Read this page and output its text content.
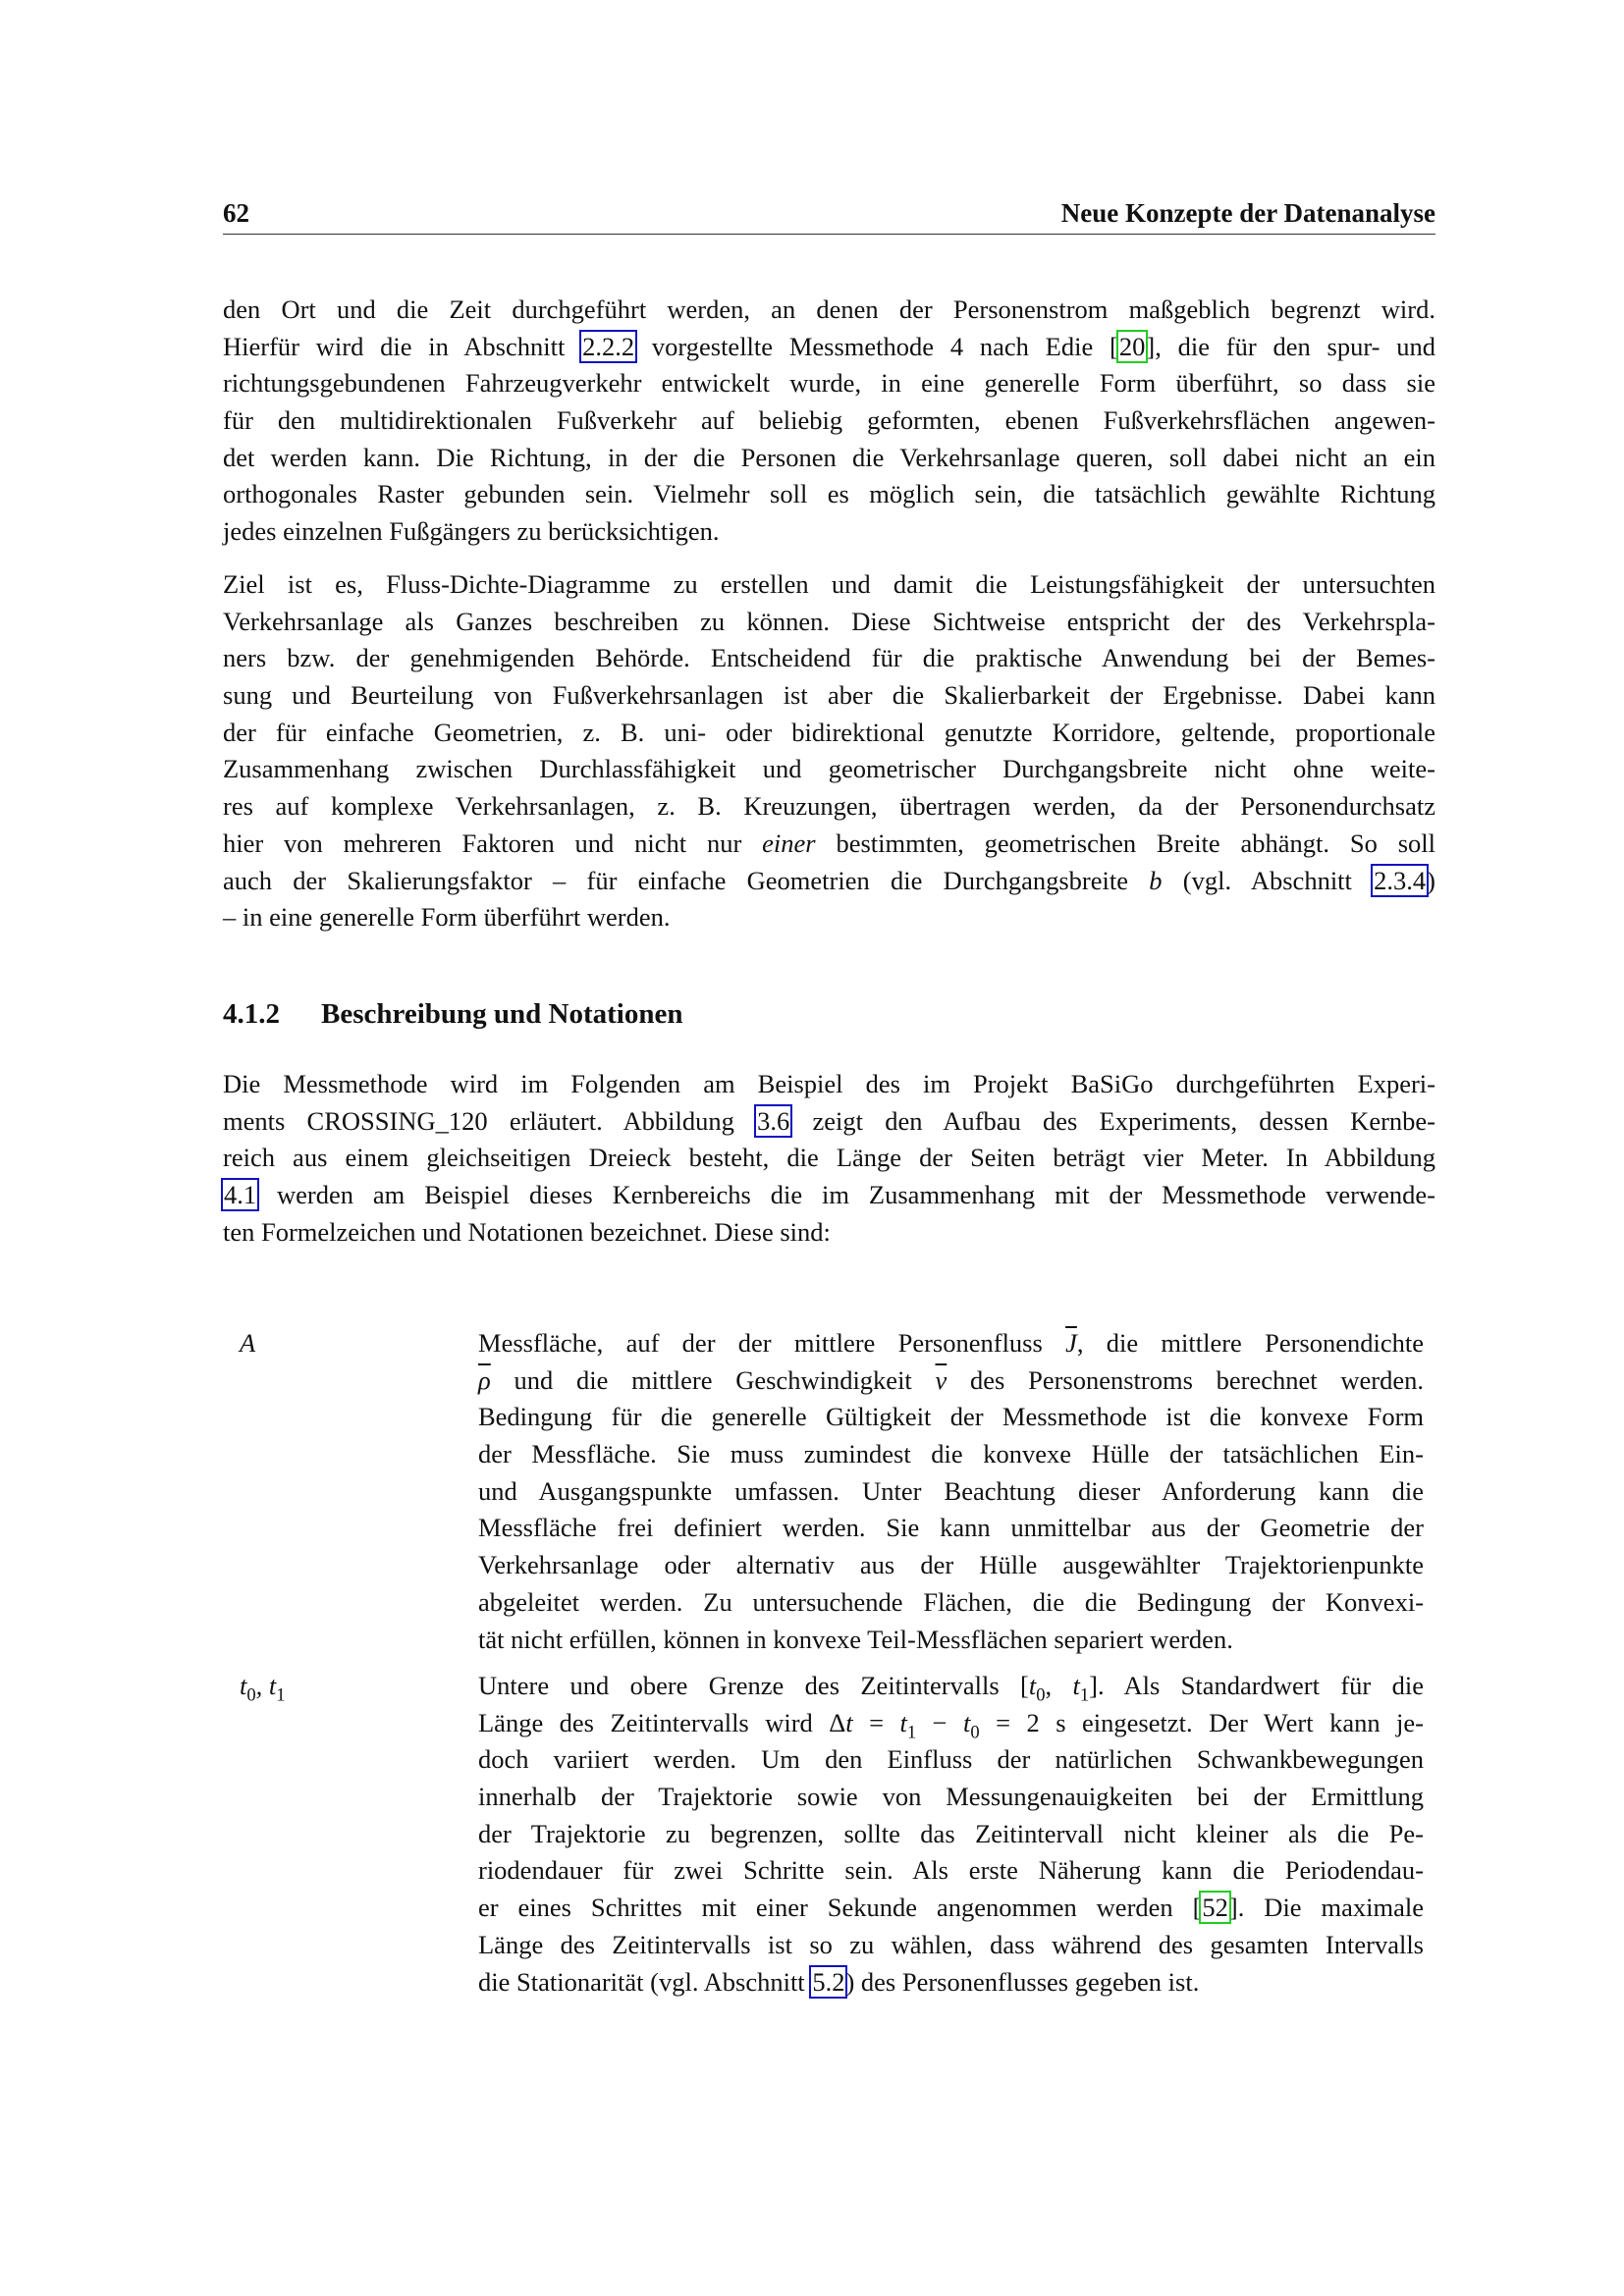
62	Neue Konzepte der Datenanalyse
den Ort und die Zeit durchgeführt werden, an denen der Personenstrom maßgeblich begrenzt wird.
Hierfür wird die in Abschnitt 2.2.2 vorgestellte Messmethode 4 nach Edie [20], die für den spur- und
richtungsgebundenen Fahrzeugverkehr entwickelt wurde, in eine generelle Form überführt, so dass sie
für den multidirektionalen Fußverkehr auf beliebig geformten, ebenen Fußverkehrsflächen angewen-
det werden kann. Die Richtung, in der die Personen die Verkehrsanlage queren, soll dabei nicht an ein
orthogonales Raster gebunden sein. Vielmehr soll es möglich sein, die tatsächlich gewählte Richtung
jedes einzelnen Fußgängers zu berücksichtigen.
Ziel ist es, Fluss-Dichte-Diagramme zu erstellen und damit die Leistungsfähigkeit der untersuchten
Verkehrsanlage als Ganzes beschreiben zu können. Diese Sichtweise entspricht der des Verkehrspla-
ners bzw. der genehmigenden Behörde. Entscheidend für die praktische Anwendung bei der Bemes-
sung und Beurteilung von Fußverkehrsanlagen ist aber die Skalierbarkeit der Ergebnisse. Dabei kann
der für einfache Geometrien, z. B. uni- oder bidirektional genutzte Korridore, geltende, proportionale
Zusammenhang zwischen Durchlassfähigkeit und geometrischer Durchgangsbreite nicht ohne weite-
res auf komplexe Verkehrsanlagen, z. B. Kreuzungen, übertragen werden, da der Personendurchsatz
hier von mehreren Faktoren und nicht nur einer bestimmten, geometrischen Breite abhängt. So soll
auch der Skalierungsfaktor – für einfache Geometrien die Durchgangsbreite b (vgl. Abschnitt 2.3.4)
– in eine generelle Form überführt werden.
4.1.2 Beschreibung und Notationen
Die Messmethode wird im Folgenden am Beispiel des im Projekt BaSiGo durchgeführten Experi-
ments CROSSING_120 erläutert. Abbildung 3.6 zeigt den Aufbau des Experiments, dessen Kernbe-
reich aus einem gleichseitigen Dreieck besteht, die Länge der Seiten beträgt vier Meter. In Abbildung
4.1 werden am Beispiel dieses Kernbereichs die im Zusammenhang mit der Messmethode verwende-
ten Formelzeichen und Notationen bezeichnet. Diese sind:
A	Messfläche, auf der der mittlere Personenfluss $\overline{J}$, die mittlere Personendichte
$\overline{\rho}$ und die mittlere Geschwindigkeit $\overline{v}$ des Personenstroms berechnet werden.
Bedingung für die generelle Gültigkeit der Messmethode ist die konvexe Form
der Messfläche. Sie muss zumindest die konvexe Hülle der tatsächlichen Ein-
und Ausgangspunkte umfassen. Unter Beachtung dieser Anforderung kann die
Messfläche frei definiert werden. Sie kann unmittelbar aus der Geometrie der
Verkehrsanlage oder alternativ aus der Hülle ausgewählter Trajektorienpunkte
abgeleitet werden. Zu untersuchende Flächen, die die Bedingung der Konvexi-
tät nicht erfüllen, können in konvexe Teil-Messflächen separiert werden.
$t_0$, $t_1$	Untere und obere Grenze des Zeitintervalls [$t_0$, $t_1$]. Als Standardwert für die
Länge des Zeitintervalls wird $\Delta t = t_1 - t_0 = 2$ s eingesetzt. Der Wert kann je-
doch variiert werden. Um den Einfluss der natürlichen Schwankbewegungen
innerhalb der Trajektorie sowie von Messungenauigkeiten bei der Ermittlung
der Trajektorie zu begrenzen, sollte das Zeitintervall nicht kleiner als die Pe-
riodendauer für zwei Schritte sein. Als erste Näherung kann die Periodendau-
er eines Schrittes mit einer Sekunde angenommen werden [52]. Die maximale
Länge des Zeitintervalls ist so zu wählen, dass während des gesamten Intervalls
die Stationarität (vgl. Abschnitt 5.2) des Personenflusses gegeben ist.
